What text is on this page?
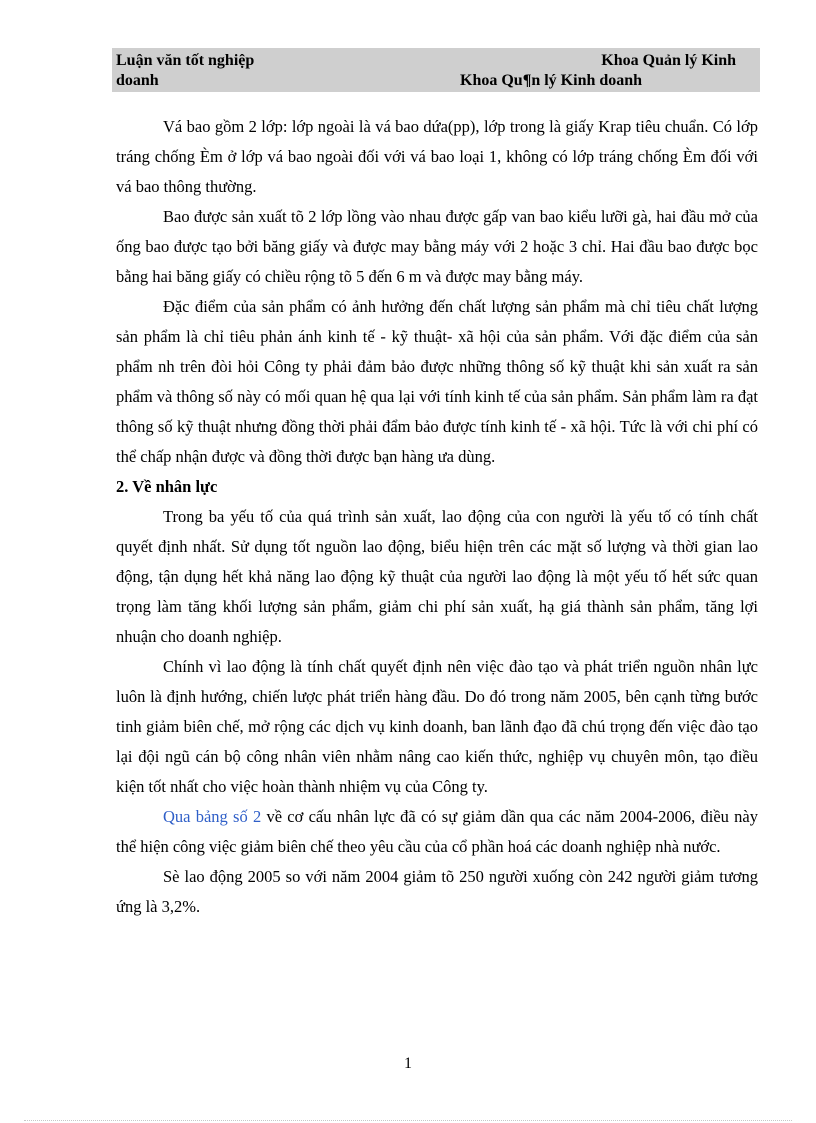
Luận văn tốt nghiệp	Khoa Quản lý Kinh
doanh	Khoa Qu¶n lý Kinh doanh

Vá bao gồm 2 lớp: lớp ngoài là vá bao dứa(pp), lớp trong là giấy Krap tiêu chuẩn. Có lớp tráng chống Èm ở lớp vá bao ngoài đối với vá bao loại 1, không có lớp tráng chống Èm đối với vá bao thông thường.

Bao được sản xuất tõ 2 lớp lồng vào nhau được gấp van bao kiểu lưỡi gà, hai đầu mở của ống bao được tạo bởi băng giấy và được may bằng máy với 2 hoặc 3 chỉ. Hai đầu bao được bọc bằng hai băng giấy có chiều rộng tõ 5 đến 6 m và được may bằng máy.

Đặc điểm của sản phẩm có ảnh hưởng đến chất lượng sản phẩm mà chỉ tiêu chất lượng sản phẩm là chỉ tiêu phản ánh kinh tế - kỹ thuật- xã hội của sản phẩm. Với đặc điểm của sản phẩm nh trên đòi hỏi Công ty phải đảm bảo được những thông số kỹ thuật khi sản xuất ra sản phẩm và thông số này có mối quan hệ qua lại với tính kinh tế của sản phẩm. Sản phẩm làm ra đạt thông số kỹ thuật nhưng đồng thời phải đẩm bảo được tính kinh tế - xã hội. Tức là với chi phí có thể chấp nhận được và đồng thời được bạn hàng ưa dùng.

2. Về nhân lực

Trong ba yếu tố của quá trình sản xuất, lao động của con người là yếu tố có tính chất quyết định nhất. Sử dụng tốt nguồn lao động, biểu hiện trên các mặt số lượng và thời gian lao động, tận dụng hết khả năng lao động kỹ thuật của người lao động là một yếu tố hết sức quan trọng làm tăng khối lượng sản phẩm, giảm chi phí sản xuất, hạ giá thành sản phẩm, tăng lợi nhuận cho doanh nghiệp.

Chính vì lao động là tính chất quyết định nên việc đào tạo và phát triển nguồn nhân lực luôn là định hướng, chiến lược phát triển hàng đầu. Do đó trong năm 2005, bên cạnh từng bước tinh giảm biên chế, mở rộng các dịch vụ kinh doanh, ban lãnh đạo đã chú trọng đến việc đào tạo lại đội ngũ cán bộ công nhân viên nhằm nâng cao kiến thức, nghiệp vụ chuyên môn, tạo điều kiện tốt nhất cho việc hoàn thành nhiệm vụ của Công ty.

Qua bảng số 2 về cơ cấu nhân lực đã có sự giảm dần qua các năm 2004-2006, điều này thể hiện công việc giảm biên chế theo yêu cầu của cổ phần hoá các doanh nghiệp nhà nước.

Sè lao động 2005 so với năm 2004 giảm tõ 250 người xuống còn 242 người giảm tương ứng là 3,2%.

1
